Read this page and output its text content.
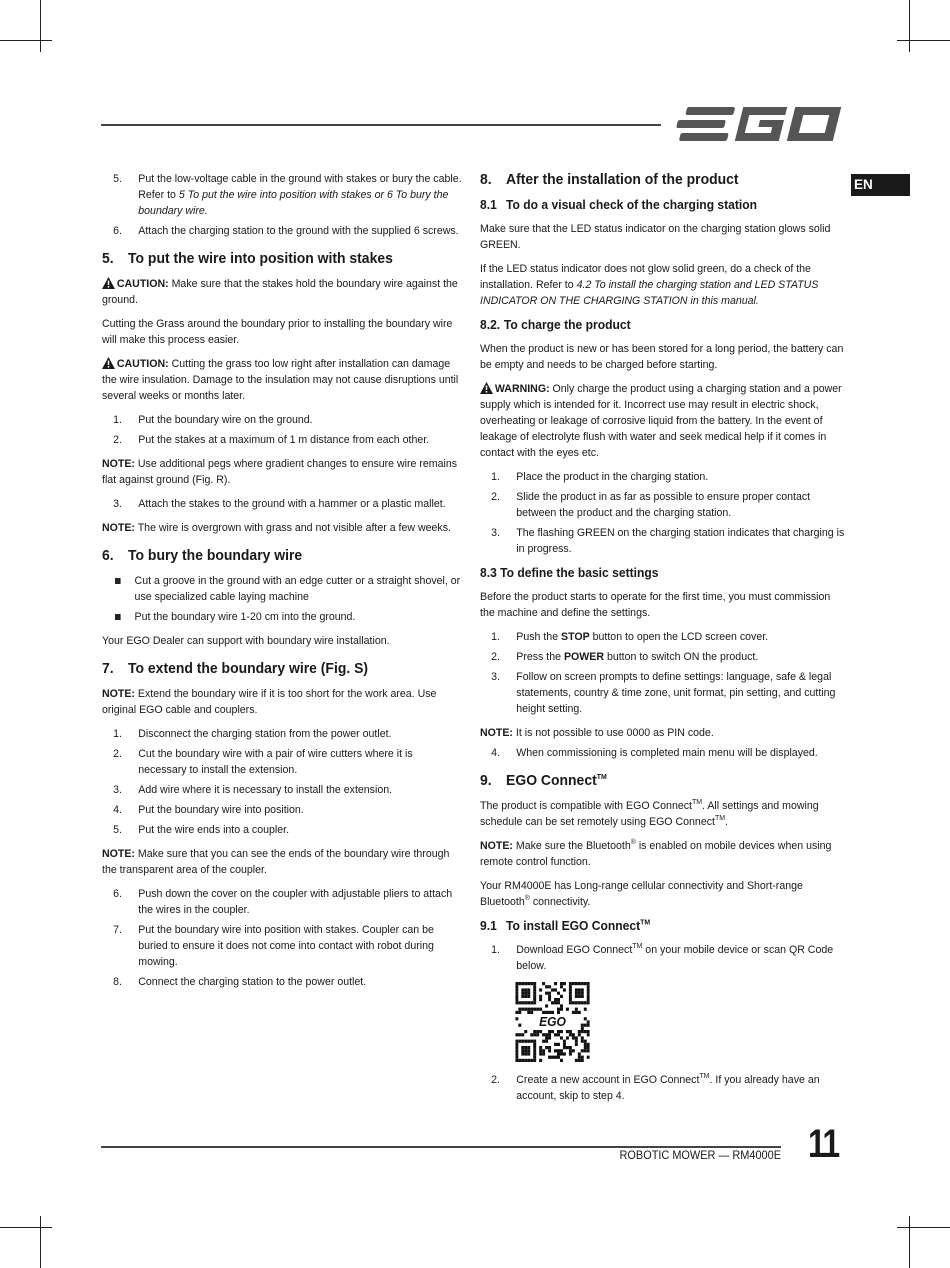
EN
5. Put the low-voltage cable in the ground with stakes or bury the cable. Refer to 5 To put the wire into position with stakes or 6 To bury the boundary wire.
6. Attach the charging station to the ground with the supplied 6 screws.
5. To put the wire into position with stakes

CAUTION: Make sure that the stakes hold the boundary wire against the ground.

Cutting the Grass around the boundary prior to installing the boundary wire will make this process easier.

CAUTION: Cutting the grass too low right after installation can damage the wire insulation. Damage to the insulation may not cause disruptions until several weeks or months later.

1. Put the boundary wire on the ground.
2. Put the stakes at a maximum of 1 m distance from each other.

NOTE: Use additional pegs where gradient changes to ensure wire remains flat against ground (Fig. R).

3. Attach the stakes to the ground with a hammer or a plastic mallet.

NOTE: The wire is overgrown with grass and not visible after a few weeks.

6. To bury the boundary wire
Cut a groove in the ground with an edge cutter or a straight shovel, or use specialized cable laying machine
Put the boundary wire 1-20 cm into the ground.

Your EGO Dealer can support with boundary wire installation.

7. To extend the boundary wire (Fig. S)

NOTE: Extend the boundary wire if it is too short for the work area. Use original EGO cable and couplers.

1. Disconnect the charging station from the power outlet.
2. Cut the boundary wire with a pair of wire cutters where it is necessary to install the extension.
3. Add wire where it is necessary to install the extension.
4. Put the boundary wire into position.
5. Put the wire ends into a coupler.

NOTE: Make sure that you can see the ends of the boundary wire through the transparent area of the coupler.

6. Push down the cover on the coupler with adjustable pliers to attach the wires in the coupler.
7. Put the boundary wire into position with stakes. Coupler can be buried to ensure it does not come into contact with robot during mowing.
8. Connect the charging station to the power outlet.
8. After the installation of the product
8.1 To do a visual check of the charging station

Make sure that the LED status indicator on the charging station glows solid GREEN.

If the LED status indicator does not glow solid green, do a check of the installation. Refer to 4.2 To install the charging station and LED STATUS INDICATOR ON THE CHARGING STATION in this manual.

8.2. To charge the product

When the product is new or has been stored for a long period, the battery can be empty and needs to be charged before starting.

WARNING: Only charge the product using a charging station and a power supply which is intended for it. Incorrect use may result in electric shock, overheating or leakage of corrosive liquid from the battery. In the event of leakage of electrolyte flush with water and seek medical help if it comes in contact with the eyes etc.

1. Place the product in the charging station.
2. Slide the product in as far as possible to ensure proper contact between the product and the charging station.
3. The flashing GREEN on the charging station indicates that charging is in progress.
8.3 To define the basic settings

Before the product starts to operate for the first time, you must commission the machine and define the settings.

1. Push the STOP button to open the LCD screen cover.
2. Press the POWER button to switch ON the product.
3. Follow on screen prompts to define settings: language, safe & legal statements, country & time zone, unit format, pin setting, and cutting height setting.

NOTE: It is not possible to use 0000 as PIN code.

4. When commissioning is completed main menu will be displayed.
9. EGO Connect™

The product is compatible with EGO Connect™. All settings and mowing schedule can be set remotely using EGO Connect™.

NOTE: Make sure the Bluetooth® is enabled on mobile devices when using remote control function.

Your RM4000E has Long-range cellular connectivity and Short-range Bluetooth® connectivity.

9.1 To install EGO Connect™
1. Download EGO Connect™ on your mobile device or scan QR Code below.
EGO
2. Create a new account in EGO Connect™. If you already have an account, skip to step 4.
ROBOTIC MOWER — RM4000E 11
